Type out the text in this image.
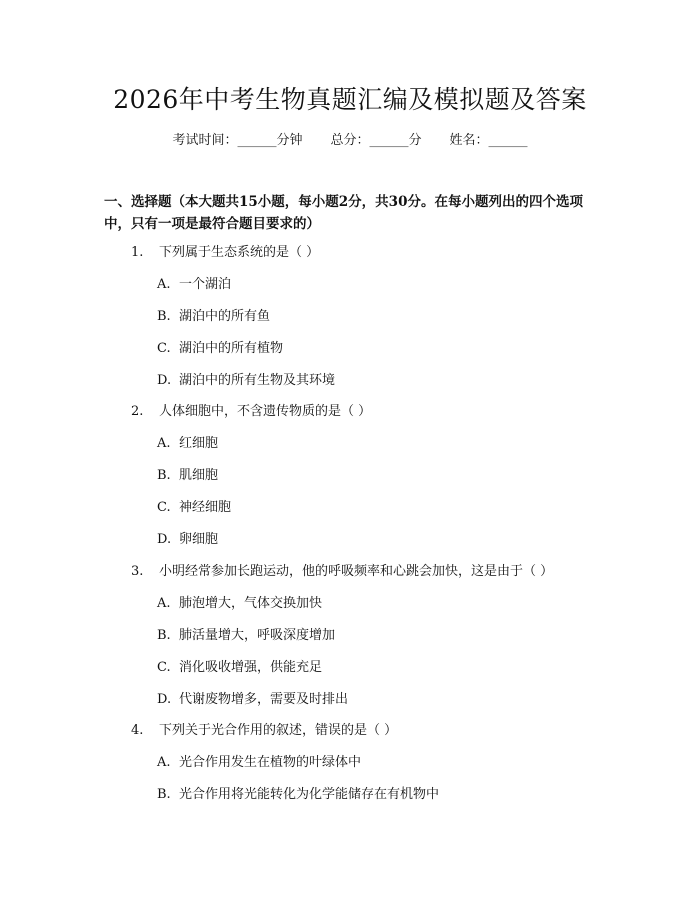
2026年中考生物真题汇编及模拟题及答案
考试时间：______分钟 总分：______分 姓名：______
一、选择题（本大题共15小题，每小题2分，共30分。在每小题列出的四个选项中，只有一项是最符合题目要求的）
1. 下列属于生态系统的是（ ）
A. 一个湖泊
B. 湖泊中的所有鱼
C. 湖泊中的所有植物
D. 湖泊中的所有生物及其环境
2. 人体细胞中，不含遗传物质的是（ ）
A. 红细胞
B. 肌细胞
C. 神经细胞
D. 卵细胞
3. 小明经常参加长跑运动，他的呼吸频率和心跳会加快，这是由于（ ）
A. 肺泡增大，气体交换加快
B. 肺活量增大，呼吸深度增加
C. 消化吸收增强，供能充足
D. 代谢废物增多，需要及时排出
4. 下列关于光合作用的叙述，错误的是（ ）
A. 光合作用发生在植物的叶绿体中
B. 光合作用将光能转化为化学能储存在有机物中
